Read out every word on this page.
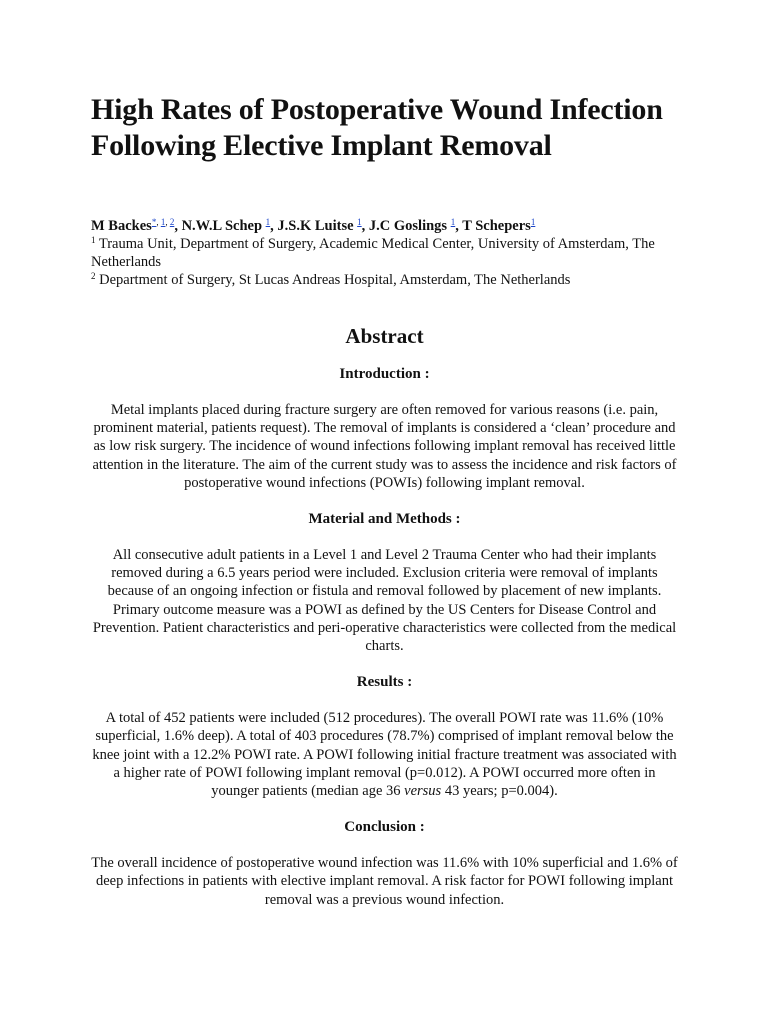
High Rates of Postoperative Wound Infection
Following Elective Implant Removal
M Backes$^{*, 1, 2}$, N.W.L Schep $^1$, J.S.K Luitse $^1$, J.C Goslings $^1$, T Schepers$^1$
$^1$ Trauma Unit, Department of Surgery, Academic Medical Center, University of Amsterdam, The Netherlands
$^2$ Department of Surgery, St Lucas Andreas Hospital, Amsterdam, The Netherlands
Abstract
Introduction :
Metal implants placed during fracture surgery are often removed for various reasons (i.e. pain, prominent material, patients request). The removal of implants is considered a ‘clean’ procedure and as low risk surgery. The incidence of wound infections following implant removal has received little attention in the literature. The aim of the current study was to assess the incidence and risk factors of postoperative wound infections (POWIs) following implant removal.
Material and Methods :
All consecutive adult patients in a Level 1 and Level 2 Trauma Center who had their implants removed during a 6.5 years period were included. Exclusion criteria were removal of implants because of an ongoing infection or fistula and removal followed by placement of new implants. Primary outcome measure was a POWI as defined by the US Centers for Disease Control and Prevention. Patient characteristics and peri-operative characteristics were collected from the medical charts.
Results :
A total of 452 patients were included (512 procedures). The overall POWI rate was 11.6% (10% superficial, 1.6% deep). A total of 403 procedures (78.7%) comprised of implant removal below the knee joint with a 12.2% POWI rate. A POWI following initial fracture treatment was associated with a higher rate of POWI following implant removal (p=0.012). A POWI occurred more often in younger patients (median age 36 versus 43 years; p=0.004).
Conclusion :
The overall incidence of postoperative wound infection was 11.6% with 10% superficial and 1.6% of deep infections in patients with elective implant removal. A risk factor for POWI following implant removal was a previous wound infection.
